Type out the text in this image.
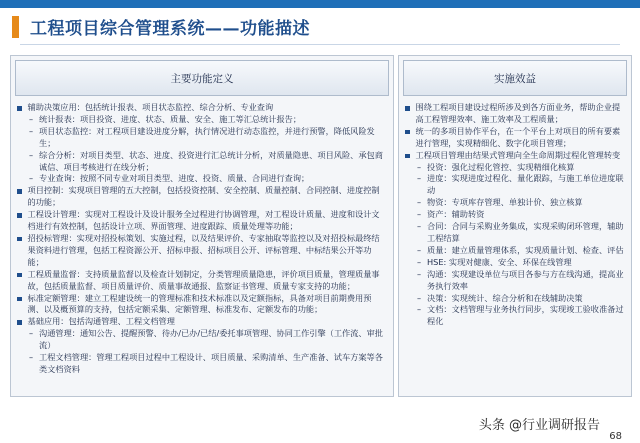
工程项目综合管理系统——功能描述
主要功能定义
辅助决策应用：包括统计报表、项目状态监控、综合分析、专业查询
– 统计报表：项目投资、进度、状态、质量、安全、施工等汇总统计报告；
– 项目状态监控：对工程项目建设进度分解，执行情况进行动态监控，并进行预警，降低风险发生；
– 综合分析：对项目类型、状态、进度、投资进行汇总统计分析，对质量隐患、项目风险、承包商诚信、项目考核进行在线分析；
– 专业查询：按照不同专业对项目类型、进度、投资、质量、合同进行查询；
项目控制：实现项目管理的五大控制，包括投资控制、安全控制、质量控制、合同控制、进度控制的功能；
工程设计管理：实现对工程设计及设计服务全过程进行协调管理，对工程设计质量、进度和设计文档进行有效控制，包括设计立项、界面管理、进度跟踪、质量处理等功能；
招投标管理：实现对招投标策划、实施过程，以及结果评价、专家抽取等监控以及对招投标最终结果资料进行管理，包括工程资源公开、招标申报、招标项目公开、评标管理、中标结果公开等功能；
工程质量监督：支持质量监督以及检查计划制定，分类管理质量隐患，评价项目质量，管理质量事故，包括质量监督、项目质量评价、质量事故通报、监察证书管理、质量专家支持的功能；
标准定额管理：建立工程建设统一的管理标准和技术标准以及定额指标，具备对项目前期费用预测、以及概预算的支持，包括定额采集、定额管理、标准发布、定额发布的功能；
基础应用：包括沟通管理、工程文档管理
– 沟通管理：通知公告、提醒预警、待办/已办/已结/委托事项管理、协同工作引擎（工作流、审批流）
– 工程文档管理：管理工程项目过程中工程设计、项目质量、采购清单、生产准备、试车方案等各类文档资料
实施效益
围绕工程项目建设过程所涉及到各方面业务，帮助企业提高工程管理效率、施工效率及工程质量；
统一的多项目协作平台，在一个平台上对项目的所有要素进行管理，实现精细化、数字化项目管理；
工程项目管理由结果式管理向全生命周期过程化管理转变
– 投资：强化过程化管控、实现精细化核算
– 进度：实现进度过程化、量化跟踪，与施工单位进度联动
– 物资：专项库存管理、单独计价、独立核算
– 资产：辅助转资
– 合同：合同与采购业务集成，实现采购闭环管理，辅助工程结算
– 质量：建立质量管理体系，实现质量计划、检查、评估
– HSE: 实现对健康、安全、环保在线管理
– 沟通：实现建设单位与项目各参与方在线沟通，提高业务执行效率
– 决策：实现统计、综合分析和在线辅助决策
– 文档：文档管理与业务执行同步，实现竣工验收准备过程化
头条 @行业调研报告
68
